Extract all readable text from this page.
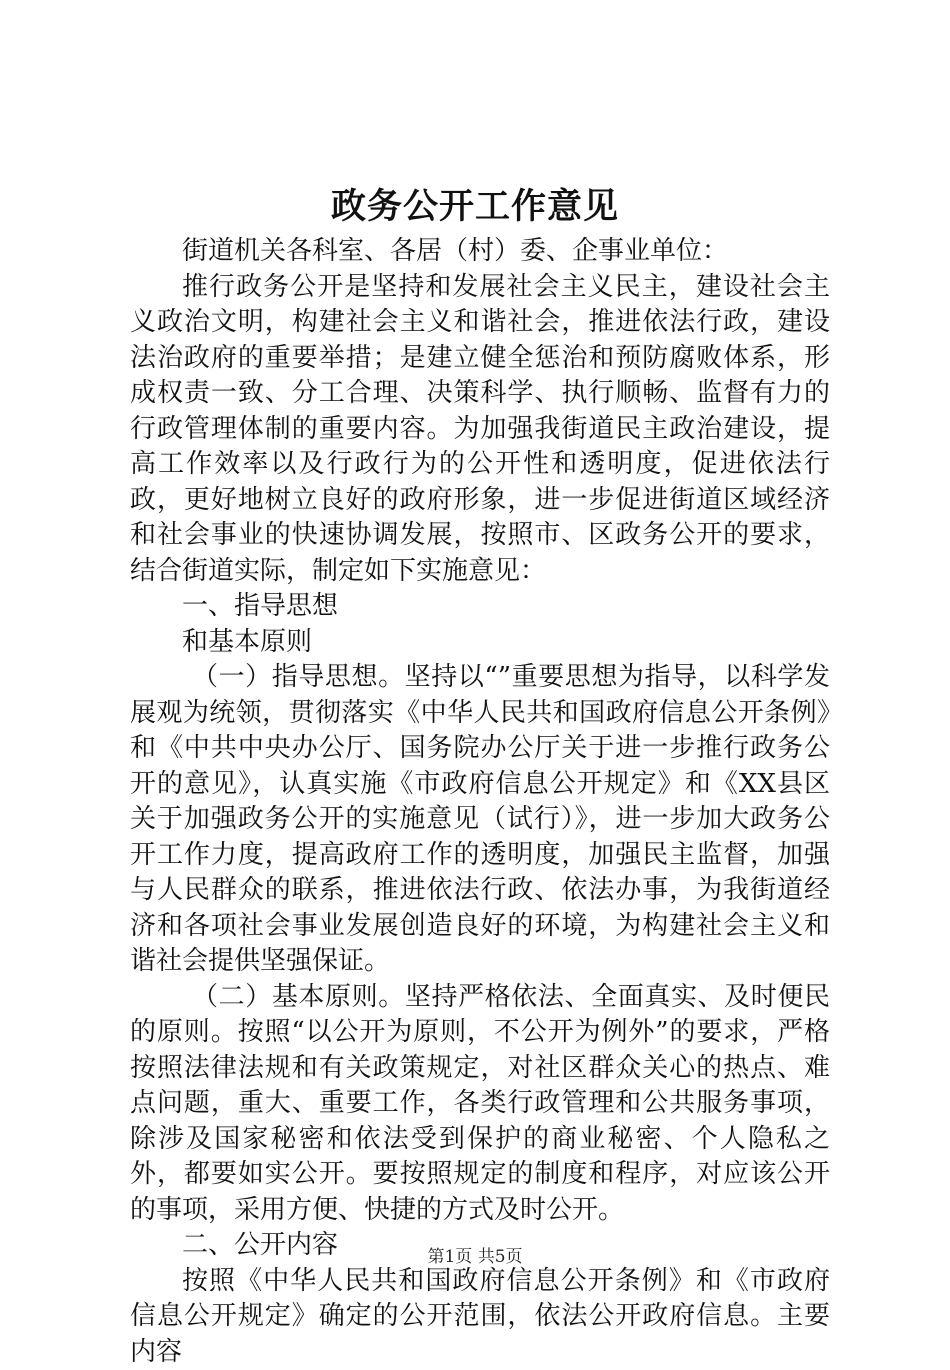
政务公开工作意见

街道机关各科室、各居（村）委、企事业单位：

推行政务公开是坚持和发展社会主义民主，建设社会主义政治文明，构建社会主义和谐社会，推进依法行政，建设法治政府的重要举措；是建立健全惩治和预防腐败体系，形成权责一致、分工合理、决策科学、执行顺畅、监督有力的行政管理体制的重要内容。为加强我街道民主政治建设，提高工作效率以及行政行为的公开性和透明度，促进依法行政，更好地树立良好的政府形象，进一步促进街道区域经济和社会事业的快速协调发展，按照市、区政务公开的要求，结合街道实际，制定如下实施意见：

一、指导思想

和基本原则

（一）指导思想。坚持以“”重要思想为指导，以科学发展观为统领，贯彻落实《中华人民共和国政府信息公开条例》和《中共中央办公厅、国务院办公厅关于进一步推行政务公开的意见》，认真实施《市政府信息公开规定》和《XX县区关于加强政务公开的实施意见（试行）》，进一步加大政务公开工作力度，提高政府工作的透明度，加强民主监督，加强与人民群众的联系，推进依法行政、依法办事，为我街道经济和各项社会事业发展创造良好的环境，为构建社会主义和谐社会提供坚强保证。

（二）基本原则。坚持严格依法、全面真实、及时便民的原则。按照“以公开为原则，不公开为例外”的要求，严格按照法律法规和有关政策规定，对社区群众关心的热点、难点问题，重大、重要工作，各类行政管理和公共服务事项，除涉及国家秘密和依法受到保护的商业秘密、个人隐私之外，都要如实公开。要按照规定的制度和程序，对应该公开的事项，采用方便、快捷的方式及时公开。

二、公开内容

按照《中华人民共和国政府信息公开条例》和《市政府信息公开规定》确定的公开范围，依法公开政府信息。主要内容

第1页 共5页
